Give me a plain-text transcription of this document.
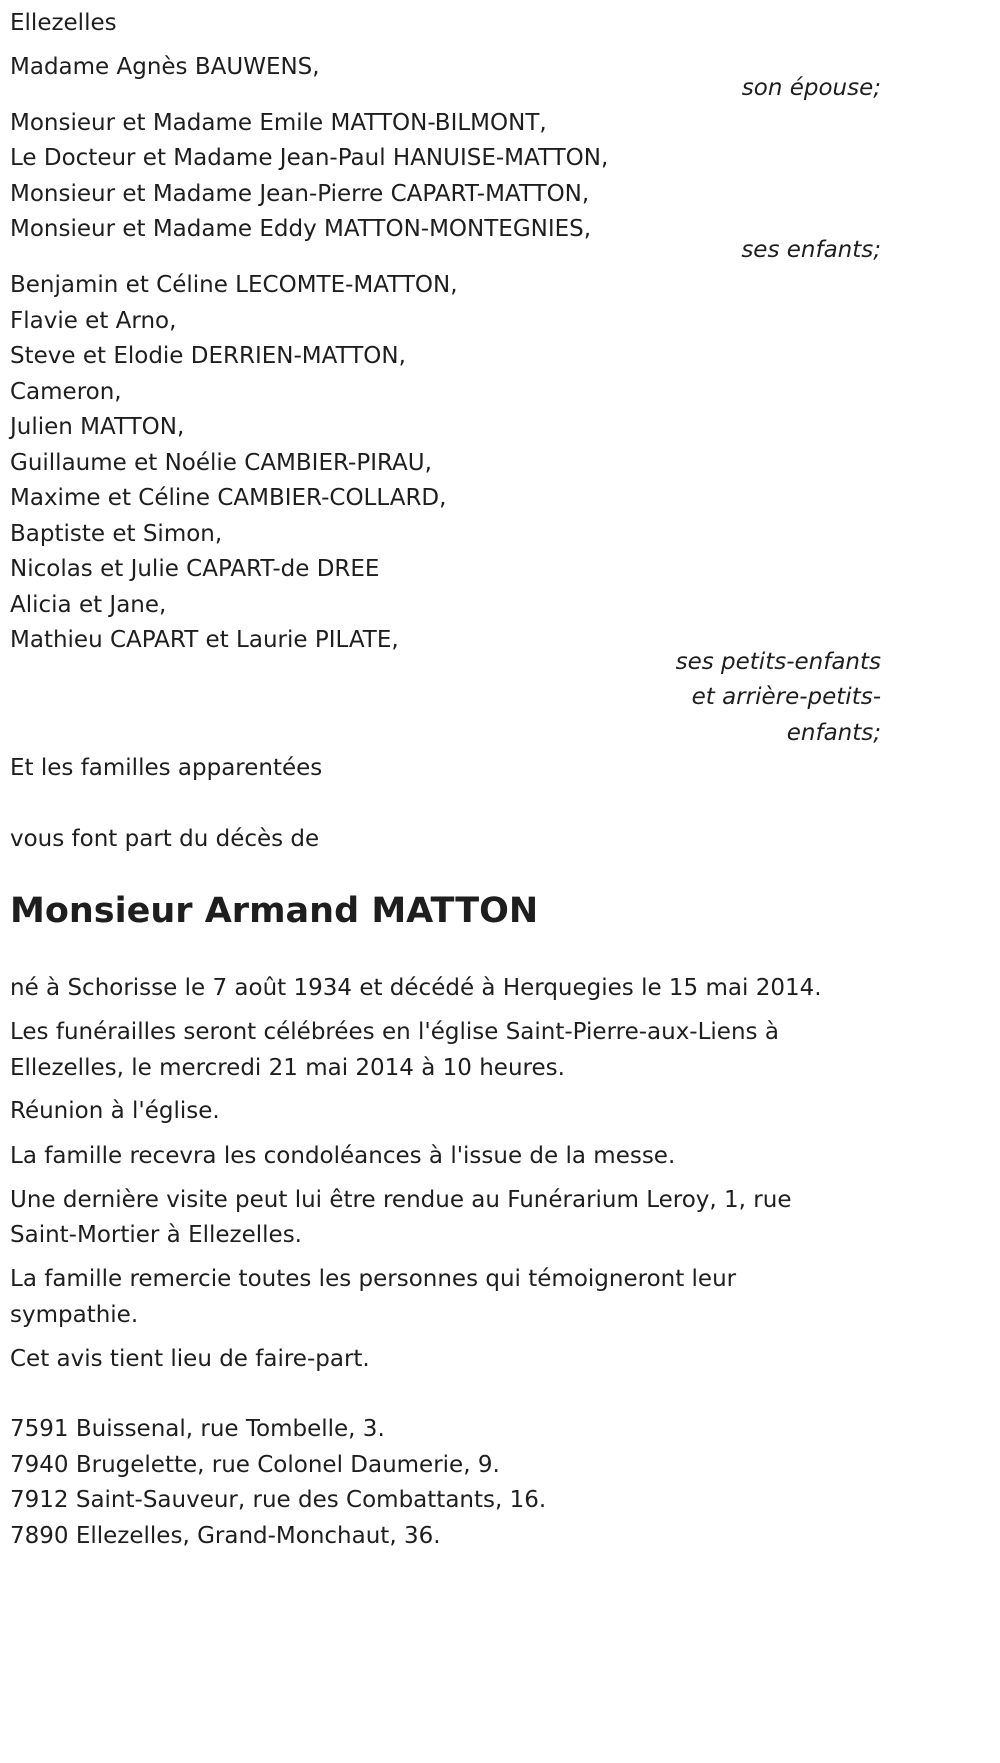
Ellezelles
Madame Agnès BAUWENS,
son épouse;
Monsieur et Madame Emile MATTON-BILMONT,
Le Docteur et Madame Jean-Paul HANUISE-MATTON,
Monsieur et Madame Jean-Pierre CAPART-MATTON,
Monsieur et Madame Eddy MATTON-MONTEGNIES,
ses enfants;
Benjamin et Céline LECOMTE-MATTON,
Flavie et Arno,
Steve et Elodie DERRIEN-MATTON,
Cameron,
Julien MATTON,
Guillaume et Noélie CAMBIER-PIRAU,
Maxime et Céline CAMBIER-COLLARD,
Baptiste et Simon,
Nicolas et Julie CAPART-de DREE
Alicia et Jane,
Mathieu CAPART et Laurie PILATE,
ses petits-enfants
et arrière-petits-
enfants;
Et les familles apparentées
vous font part du décès de
Monsieur Armand MATTON
né à Schorisse le 7 août 1934 et décédé à Herquegies le 15 mai 2014.
Les funérailles seront célébrées en l'église Saint-Pierre-aux-Liens à
Ellezelles, le mercredi 21 mai 2014 à 10 heures.
Réunion à l'église.
La famille recevra les condoléances à l'issue de la messe.
Une dernière visite peut lui être rendue au Funérarium Leroy, 1, rue
Saint-Mortier à Ellezelles.
La famille remercie toutes les personnes qui témoigneront leur
sympathie.
Cet avis tient lieu de faire-part.
7591 Buissenal, rue Tombelle, 3.
7940 Brugelette, rue Colonel Daumerie, 9.
7912 Saint-Sauveur, rue des Combattants, 16.
7890 Ellezelles, Grand-Monchaut, 36.
